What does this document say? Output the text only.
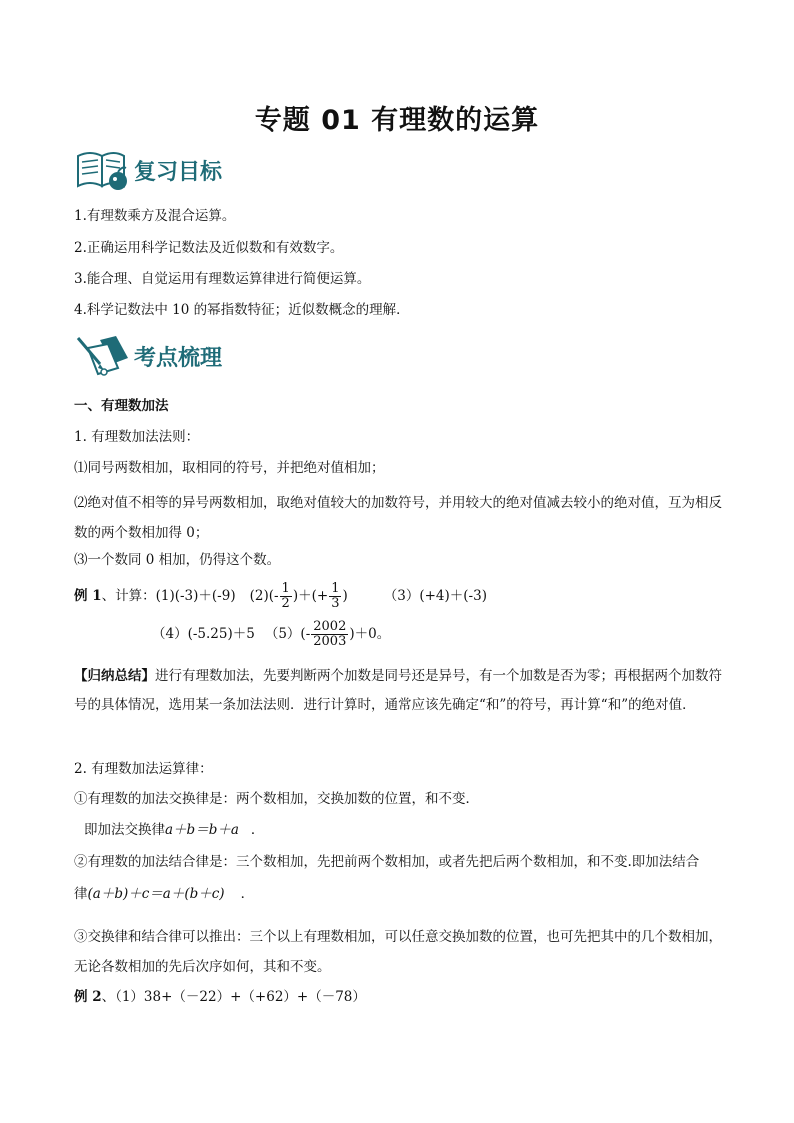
专题 01 有理数的运算
复习目标
1.有理数乘方及混合运算。
2.正确运用科学记数法及近似数和有效数字。
3.能合理、自觉运用有理数运算律进行简便运算。
4.科学记数法中 10 的幂指数特征；近似数概念的理解．
考点梳理
一、有理数加法
1. 有理数加法法则：
⑴同号两数相加，取相同的符号，并把绝对值相加；
⑵绝对值不相等的异号两数相加，取绝对值较大的加数符号，并用较大的绝对值减去较小的绝对值，互为相反数的两个数相加得 0；
⑶一个数同 0 相加，仍得这个数。
例 1 、计算： (1)(-3)＋(-9) $(2)(- \frac{1}{2}$ )＋(+ $\frac{1}{3}$ )	（3）(+4)＋(-3)
（4）(-5.25)＋5 $(5)(- \frac{2002}{2003} )+0$。
【归纳总结】进行有理数加法，先要判断两个加数是同号还是异号，有一个加数是否为零；再根据两个加数符号的具体情况，选用某一条加法法则．进行计算时，通常应该先确定“和”的符号，再计算“和”的绝对值．
2. 有理数加法运算律：
①有理数的加法交换律是：两个数相加，交换加数的位置，和不变．
即加法交换律a＋b＝b＋a ．
②有理数的加法结合律是：三个数相加，先把前两个数相加，或者先把后两个数相加，和不变.即加法结合
律(a＋b)＋c＝a＋(b＋c) ．
③交换律和结合律可以推出：三个以上有理数相加，可以任意交换加数的位置，也可先把其中的几个数相加，无论各数相加的先后次序如何，其和不变。
例 2、（1）38+（－22）+（+62）+（－78）
